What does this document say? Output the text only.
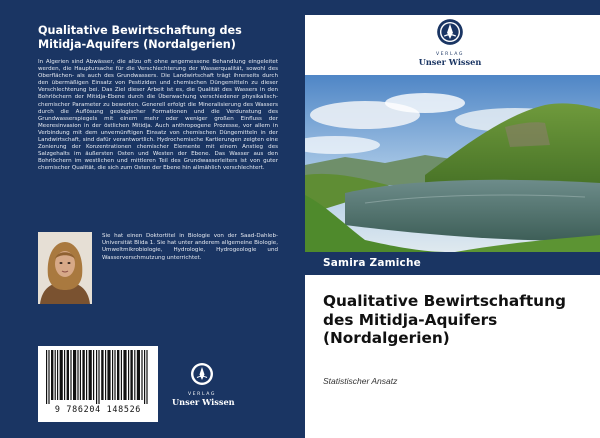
Qualitative Bewirtschaftung des Mitidja-Aquifers (Nordalgerien)
In Algerien sind Abwässer, die allzu oft ohne angemessene Behandlung eingeleitet werden, die Hauptursache für die Verschlechterung der Wasserqualität, sowohl des Oberflächen- als auch des Grundwassers. Die Landwirtschaft trägt ihrerseits durch den übermäßigen Einsatz von Pestiziden und chemischen Düngemitteln zu dieser Verschlechterung bei. Das Ziel dieser Arbeit ist es, die Qualität des Wassers in den Bohrlöchern der Mitidja-Ebene durch die Überwachung verschiedener physikalisch-chemischer Parameter zu bewerten. Generell erfolgt die Mineralisierung des Wassers durch die Auflösung geologischer Formationen und die Verdunstung des Grundwasserspiegels mit einem mehr oder weniger großen Einfluss der Meeresinvasion in der östlichen Mitidja. Auch anthropogene Prozesse, vor allem in Verbindung mit dem unvernünftigen Einsatz von chemischen Düngemitteln in der Landwirtschaft, sind dafür verantwortlich. Hydrochemische Kartierungen zeigten eine Zonierung der Konzentrationen chemischer Elemente mit einem Anstieg des Salzgehalts im äußersten Osten und Westen der Ebene. Das Wasser aus den Bohrlöchern im westlichen und mittleren Teil des Grundwasserleiters ist von guter chemischer Qualität, die sich zum Osten der Ebene hin allmählich verschlechtert.
Sie hat einen Doktortitel in Biologie von der Saad-Dahleb-Universität Blida 1. Sie hat unter anderem allgemeine Biologie, Umweltmikrobiologie, Hydrologie, Hydrogeologie und Wasserverschmutzung unterrichtet.
9 786204 148526
VERLAG
Unser Wissen
VERLAG
Unser Wissen
Samira Zamiche
Qualitative Bewirtschaftung des Mitidja-Aquifers (Nordalgerien)
Statistischer Ansatz
